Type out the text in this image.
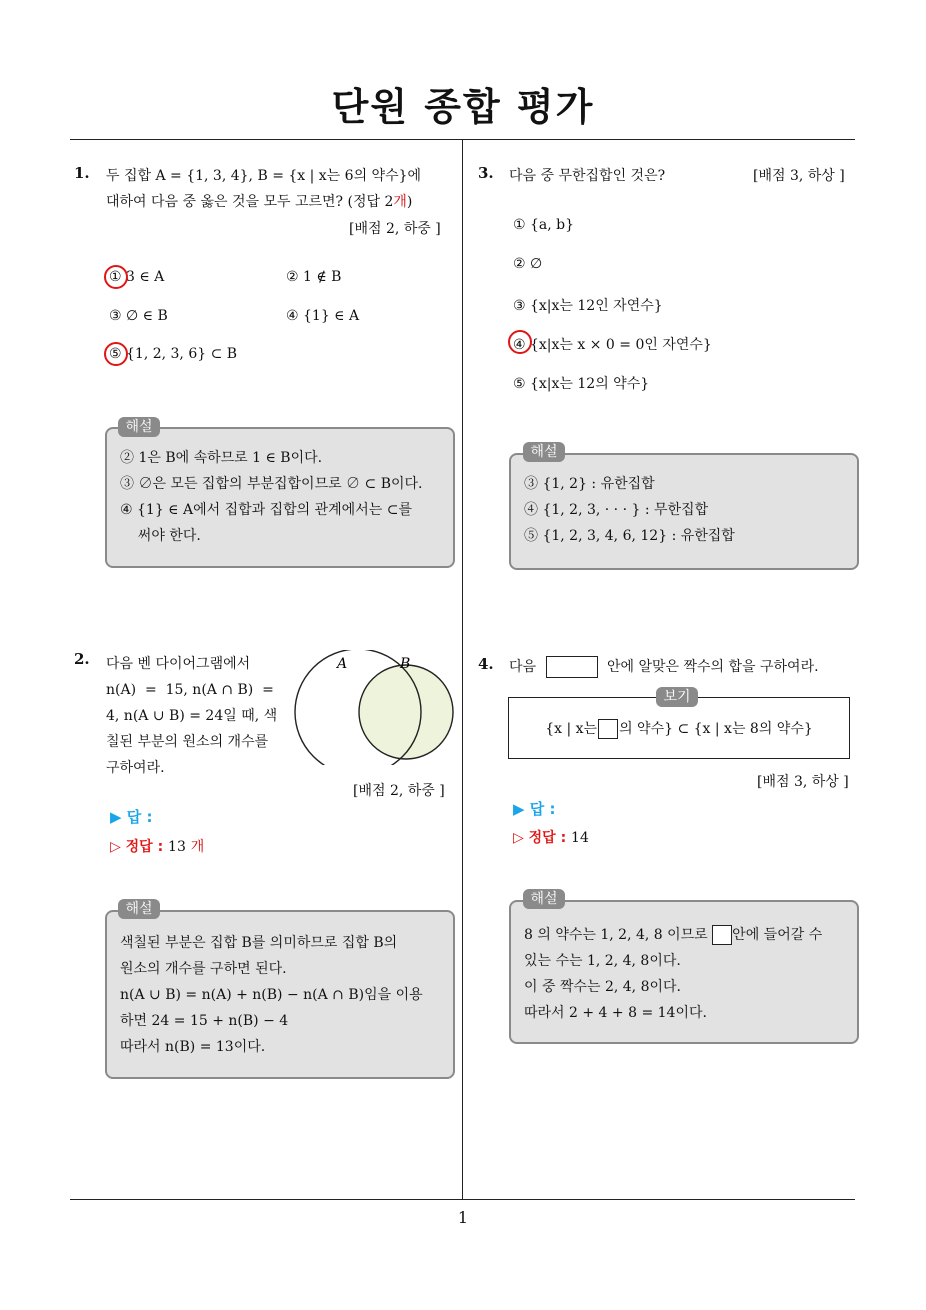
단원 종합 평가
1
1. 두 집합 A = {1, 3, 4}, B = {x | x는 6의 약수}에
대하여 다음 중 옳은 것을 모두 고르면? (정답 2개)
[배점 2, 하중 ]
① 3 ∈ A	② 1 ∉ B
③ ∅ ∈ B	④ {1} ∈ A
⑤ {1, 2, 3, 6} ⊂ B
② 1은 B에 속하므로 1 ∈ B이다.
③ ∅은 모든 집합의 부분집합이므로 ∅ ⊂ B이다.
④ {1} ∈ A에서 집합과 집합의 관계에서는 ⊂를
써야 한다.
해설
2. 다음 벤 다이어그램에서
n(A)  =  15, n(A ∩ B)  =
4, n(A ∪ B) = 24일 때, 색
칠된 부분의 원소의 개수를
구하여라.
A	B
[배점 2, 하중 ]
▶ 답 :
▷ 정답 : 13 개
색칠된 부분은 집합 B를 의미하므로 집합 B의
원소의 개수를 구하면 된다.
n(A ∪ B) = n(A) + n(B) − n(A ∩ B)임을 이용
하면 24 = 15 + n(B) − 4
따라서 n(B) = 13이다.
해설
3. 다음 중 무한집합인 것은?	[배점 3, 하상 ]
① {a, b}
② ∅
③ {x|x는 12인 자연수}
④ {x|x는 x × 0 = 0인 자연수}
⑤ {x|x는 12의 약수}
③ {1, 2} : 유한집합
④ {1, 2, 3, · · · } : 무한집합
⑤ {1, 2, 3, 4, 6, 12} : 유한집합
해설
4. 다음	안에 알맞은 짝수의 합을 구하여라.
{x | x는 의 약수} ⊂ {x | x는 8의 약수}
보기
[배점 3, 하상 ]
▶ 답 :
▷ 정답 : 14
8 의 약수는 1, 2, 4, 8 이므로 안에 들어갈 수
있는 수는 1, 2, 4, 8이다.
이 중 짝수는 2, 4, 8이다.
따라서 2 + 4 + 8 = 14이다.
해설
